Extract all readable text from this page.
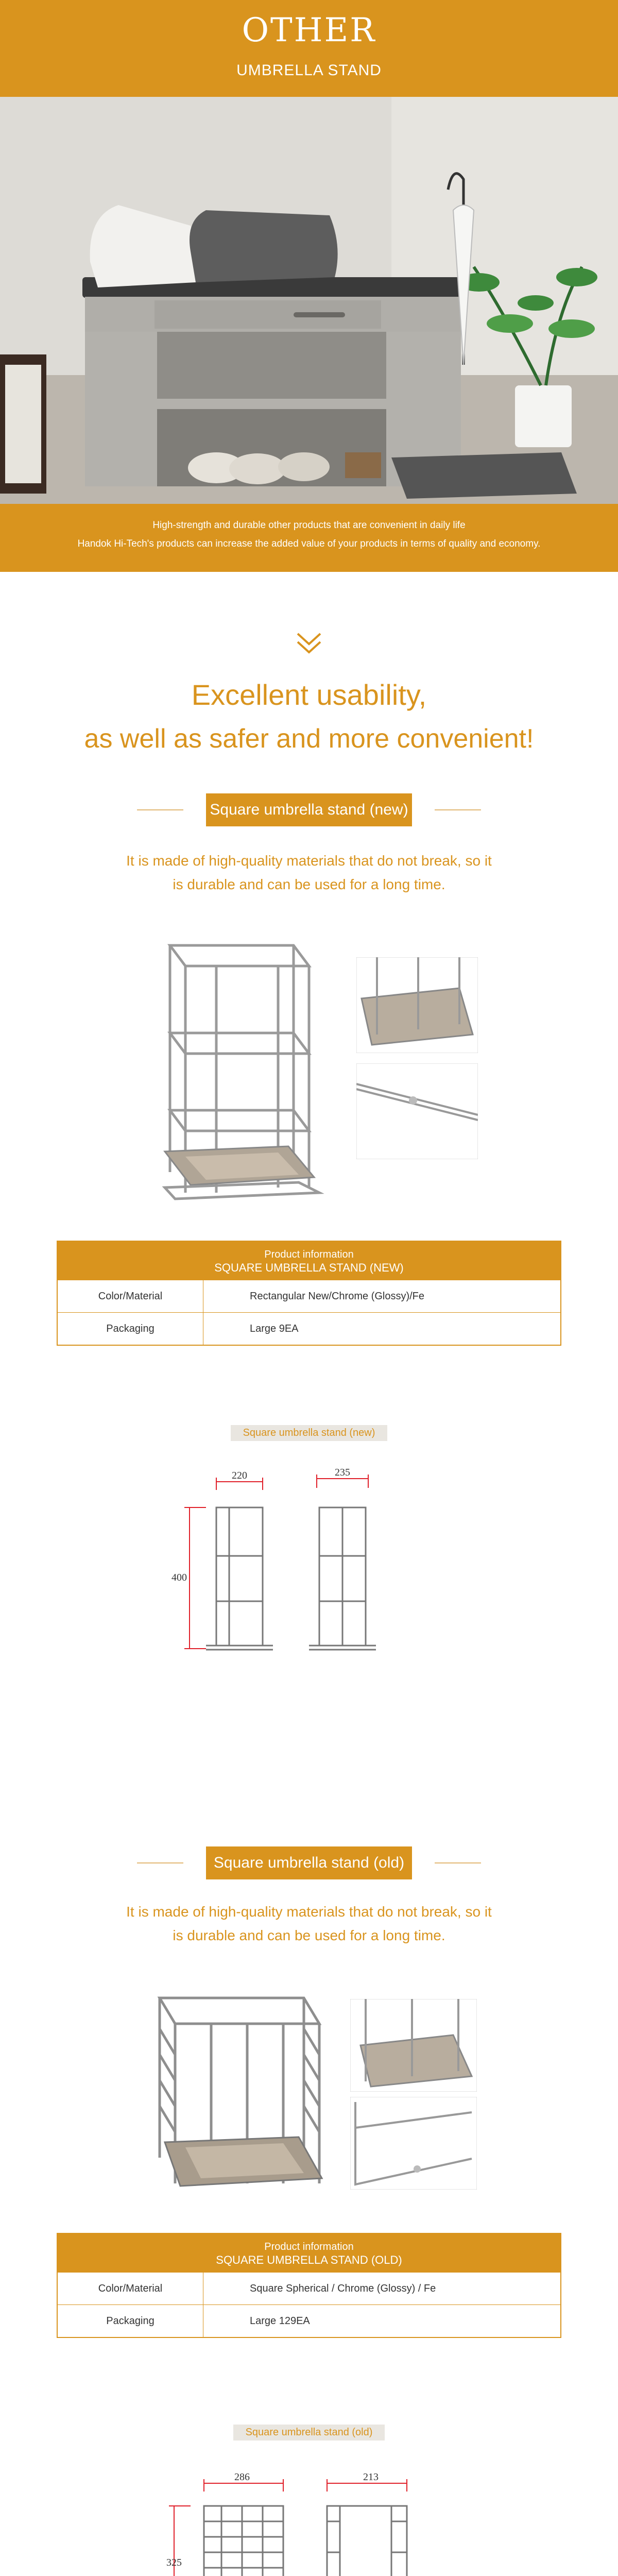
OTHER
UMBRELLA STAND
High-strength and durable other products that are convenient in daily life
Handok Hi-Tech's products can increase the added value of your products in terms of quality and economy.
Excellent usability,
as well as safer and more convenient!
Square umbrella stand (new)
It is made of high-quality materials that do not break, so it
is durable and can be used for a long time.
Product information
SQUARE UMBRELLA STAND (NEW)
Color/Material	Rectangular New/Chrome (Glossy)/Fe
Packaging	Large 9EA
Square umbrella stand (new)
220	235
400
Square umbrella stand (old)
It is made of high-quality materials that do not break, so it
is durable and can be used for a long time.
Product information
SQUARE UMBRELLA STAND (OLD)
Color/Material	Square Spherical / Chrome (Glossy) / Fe
Packaging	Large 129EA
Square umbrella stand (old)
286	213
325
